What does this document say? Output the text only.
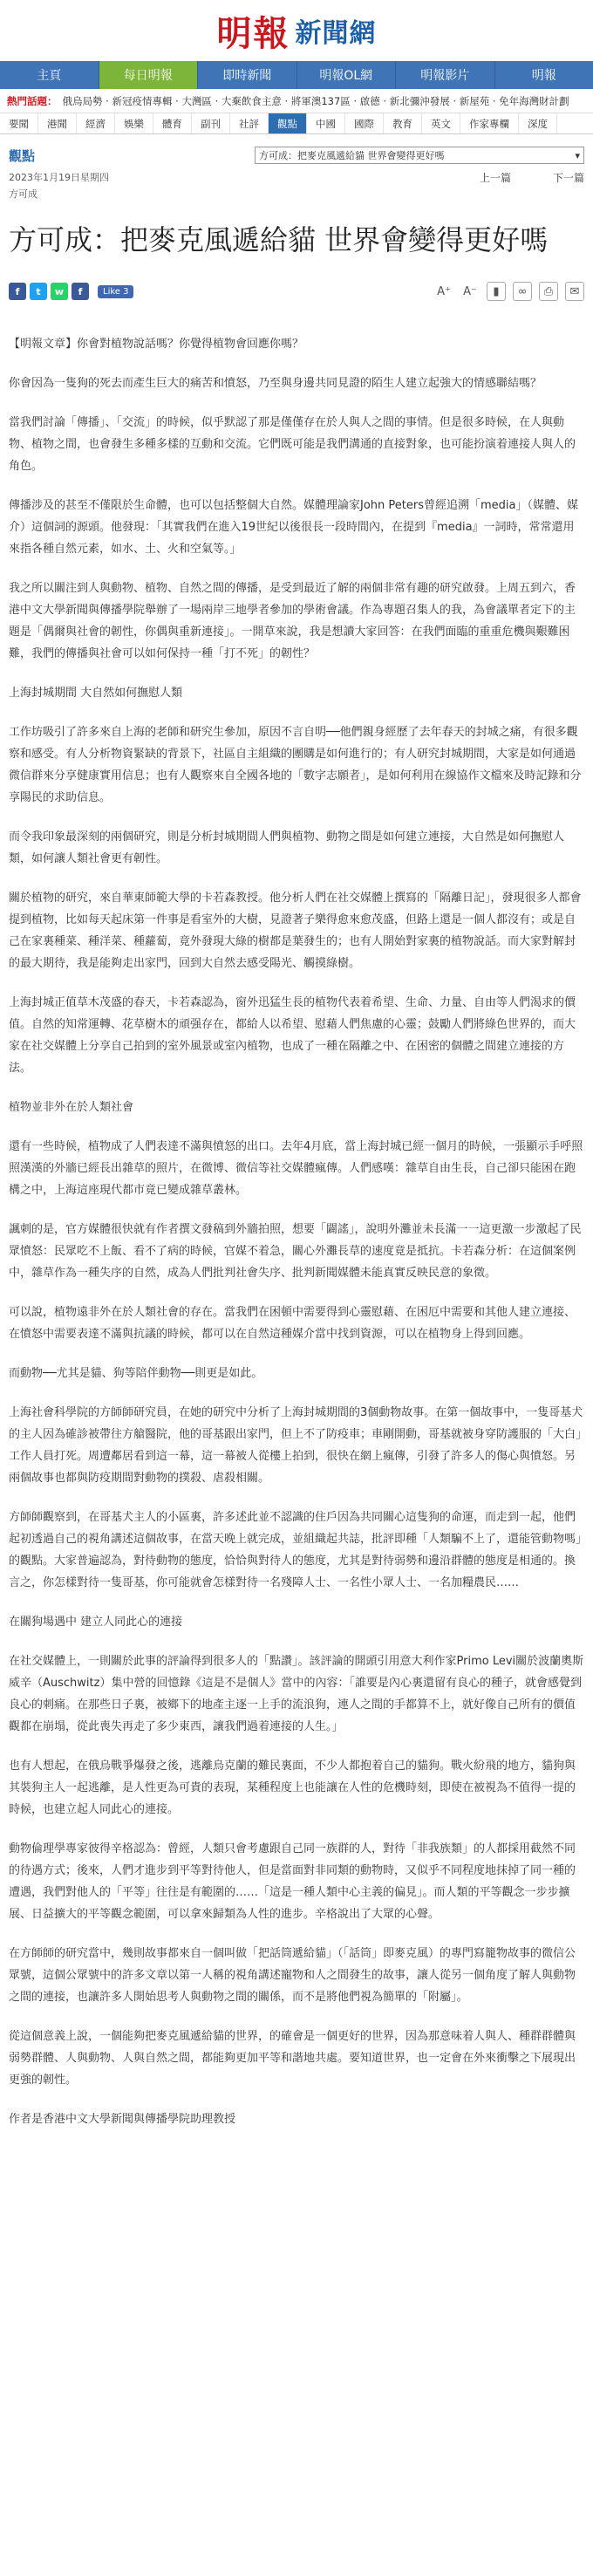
明報 新聞網
主頁	每日明報	即時新聞	明報OL網	明報影片	明報
熱門話題： 俄烏局勢 · 新冠疫情專輯 · 大灣區 · 大棄飲食主意 · 將軍澳137區 · 啟德 · 新北彌沖發展 · 新屋苑 · 免年海灣財計劃
要聞	港聞	經濟	娛樂	體育	副刊	社評	觀點	中國	國際	教育	英文	作家專欄	深度
觀點	方可成：把麥克風遞給貓 世界會變得更好嗎	▾
2023年1月19日星期四	上一篇	下一篇
方可成
方可成：把麥克風遞給貓 世界會變得更好嗎
f	t	w	f	Like 3	A⁺ A⁻	▮	∞	⎙	✉

【明報文章】你會對植物說話嗎？你覺得植物會回應你嗎？

你會因為一隻狗的死去而產生巨大的痛苦和憤怒，乃至與身邊共同見證的陌生人建立起強大的情感聯結嗎？

當我們討論「傳播」、「交流」的時候，似乎默認了那是僅僅存在於人與人之間的事情。但是很多時候，在人與動物、植物之間，也會發生多種多樣的互動和交流。它們既可能是我們溝通的直接對象，也可能扮演着連接人與人的角色。

傳播涉及的甚至不僅限於生命體，也可以包括整個大自然。媒體理論家John Peters曾經追溯「media」（媒體、媒介）這個詞的源頭。他發現：「其實我們在進入19世紀以後很長一段時間內，在提到『media』一詞時，常常還用來指各種自然元素，如水、土、火和空氣等。」

我之所以關注到人與動物、植物、自然之間的傳播，是受到最近了解的兩個非常有趣的研究啟發。上周五到六，香港中文大學新聞與傳播學院舉辦了一場兩岸三地學者參加的學術會議。作為專題召集人的我，為會議單者定下的主題是「偶爾與社會的韌性，你偶與重新連接」。一開草來說，我是想讀大家回答：在我們面臨的重重危機與艱難困難，我們的傳播與社會可以如何保持一種「打不死」的韌性？

上海封城期間 大自然如何撫慰人類

工作坊吸引了許多來自上海的老師和研究生參加，原因不言自明──他們親身經歷了去年春天的封城之痛，有很多觀察和感受。有人分析物資緊缺的背景下，社區自主組織的團購是如何進行的；有人研究封城期間，大家是如何通過微信群來分享健康實用信息；也有人觀察來自全國各地的「數字志願者」，是如何利用在線協作文檔來及時記錄和分享陽民的求助信息。

而令我印象最深刻的兩個研究，則是分析封城期間人們與植物、動物之間是如何建立連接，大自然是如何撫慰人類，如何讓人類社會更有韌性。

關於植物的研究，來自華東師範大學的卡若森教授。他分析人們在社交媒體上撰寫的「隔離日記」，發現很多人都會提到植物，比如每天起床第一件事是看室外的大樹，見證著子樂得愈來愈茂盛，但路上還是一個人都沒有；或是自己在家裏種菜、種洋菜、種蘿蔔，竟外發現大綠的樹都是葉發生的；也有人開始對家裏的植物說話。而大家對解封的最大期待，我是能夠走出家門，回到大自然去感受陽光、觸摸綠樹。

上海封城正值草木茂盛的春天，卡若森認為，窗外迅猛生長的植物代表着希望、生命、力量、自由等人們渴求的價值。自然的知常運轉、花草樹木的頑强存在，都給人以希望、慰藉人們焦慮的心靈；鼓勵人們將綠色世界的，而大家在社交媒體上分享自己拍到的室外風景或室內植物，也成了一種在隔離之中、在困密的個體之間建立連接的方法。

植物並非外在於人類社會

還有一些時候，植物成了人們表達不滿與憤怒的出口。去年4月底，當上海封城已經一個月的時候，一張顯示手呼照照漢漢的外牆已經長出雜草的照片，在微博、微信等社交媒體瘋傳。人們感嘆：雜草自由生長，自己卻只能困在跑構之中，上海這座現代都市竟已變成雜草叢林。

諷刺的是，官方媒體很快就有作者撰文發稿到外牆拍照，想要「闢謠」，說明外灘並未長滿一一這更激一步激起了民眾憤怒：民眾吃不上飯、看不了病的時候，官媒不着急，關心外灘長草的速度竟是抵抗。卡若森分析：在這個案例中，雜草作為一種失序的自然，成為人們批判社會失序、批判新聞媒體未能真實反映民意的象徵。

可以說，植物遠非外在於人類社會的存在。當我們在困頓中需要得到心靈慰藉、在困厄中需要和其他人建立連接、在憤怒中需要表達不滿與抗議的時候，都可以在自然這種媒介當中找到資源，可以在植物身上得到回應。

而動物──尤其是貓、狗等陪伴動物──則更是如此。

上海社會科學院的方師師研究員，在她的研究中分析了上海封城期間的3個動物故事。在第一個故事中，一隻哥基犬的主人因為確診被帶往方艙醫院，他的哥基跟出家門，但上不了防疫車；車剛開動，哥基就被身穿防護服的「大白」工作人員打死。周遭鄰居看到這一幕，這一幕被人從樓上拍到，很快在網上瘋傳，引發了許多人的傷心與憤怒。另兩個故事也都與防疫期間對動物的撲殺、虐殺相關。

方師師觀察到，在哥基犬主人的小區裏，許多述此並不認識的住戶因為共同關心這隻狗的命運，而走到一起，他們起初透過自己的視角講述這個故事，在當天晚上就完成，並組織起共誌，批評即種「人類騙不上了，還能管動物嗎」的觀點。大家普遍認為，對待動物的態度，恰恰與對待人的態度，尤其是對待弱勢和邊沿群體的態度是相通的。換言之，你怎樣對待一隻哥基，你可能就會怎樣對待一名殘障人士、一名性小眾人士、一名加糧農民……

在關狗場遇中 建立人同此心的連接

在社交媒體上，一則關於此事的評論得到很多人的「點讚」。該評論的開頭引用意大利作家Primo Levi關於波蘭奧斯威辛（Auschwitz）集中營的回憶錄《這是不是個人》當中的內容：「誰要是內心裏還留有良心的種子，就會感覺到良心的刺痛。在那些日子裏，被鄉下的地產主逐一上手的流浪狗，連人之間的手都算不上，就好像自己所有的價值觀都在崩塌，從此喪失再走了多少東西，讓我們過着連接的人生。」

也有人想起，在俄烏戰爭爆發之後，逃離烏克蘭的難民裏面，不少人都抱着自己的貓狗。戰火紛飛的地方，貓狗與其裝狗主人一起逃離，是人性更為可貴的表現，某種程度上也能讓在人性的危機時刻，即使在被視為不值得一提的時候，也建立起人同此心的連接。

動物倫理學專家彼得辛格認為：曾經，人類只會考慮跟自己同一族群的人，對待「非我族類」的人都採用截然不同的待遇方式；後來，人們才進步到平等對待他人，但是當面對非同類的動物時，又似乎不同程度地抹掉了同一種的遭遇，我們對他人的「平等」往往是有範圍的……「這是一種人類中心主義的偏見」。而人類的平等觀念一步步擴展、日益擴大的平等觀念範圍，可以拿來歸類為人性的進步。辛格說出了大眾的心聲。

在方師師的研究當中，幾則故事都來自一個叫做「把話筒遞給貓」（「話筒」即麥克風）的專門寫籠物故事的微信公眾號，這個公眾號中的許多文章以第一人稱的視角講述寵物和人之間發生的故事，讓人從另一個角度了解人與動物之間的連接，也讓許多人開始思考人與動物之間的關係，而不是將他們視為簡單的「附屬」。

從這個意義上說，一個能夠把麥克風遞給貓的世界，的確會是一個更好的世界，因為那意味着人與人、種群群體與弱勢群體、人與動物、人與自然之間，都能夠更加平等和諧地共處。要知道世界，也一定會在外來衝擊之下展現出更強的韌性。

作者是香港中文大學新聞與傳播學院助理教授
